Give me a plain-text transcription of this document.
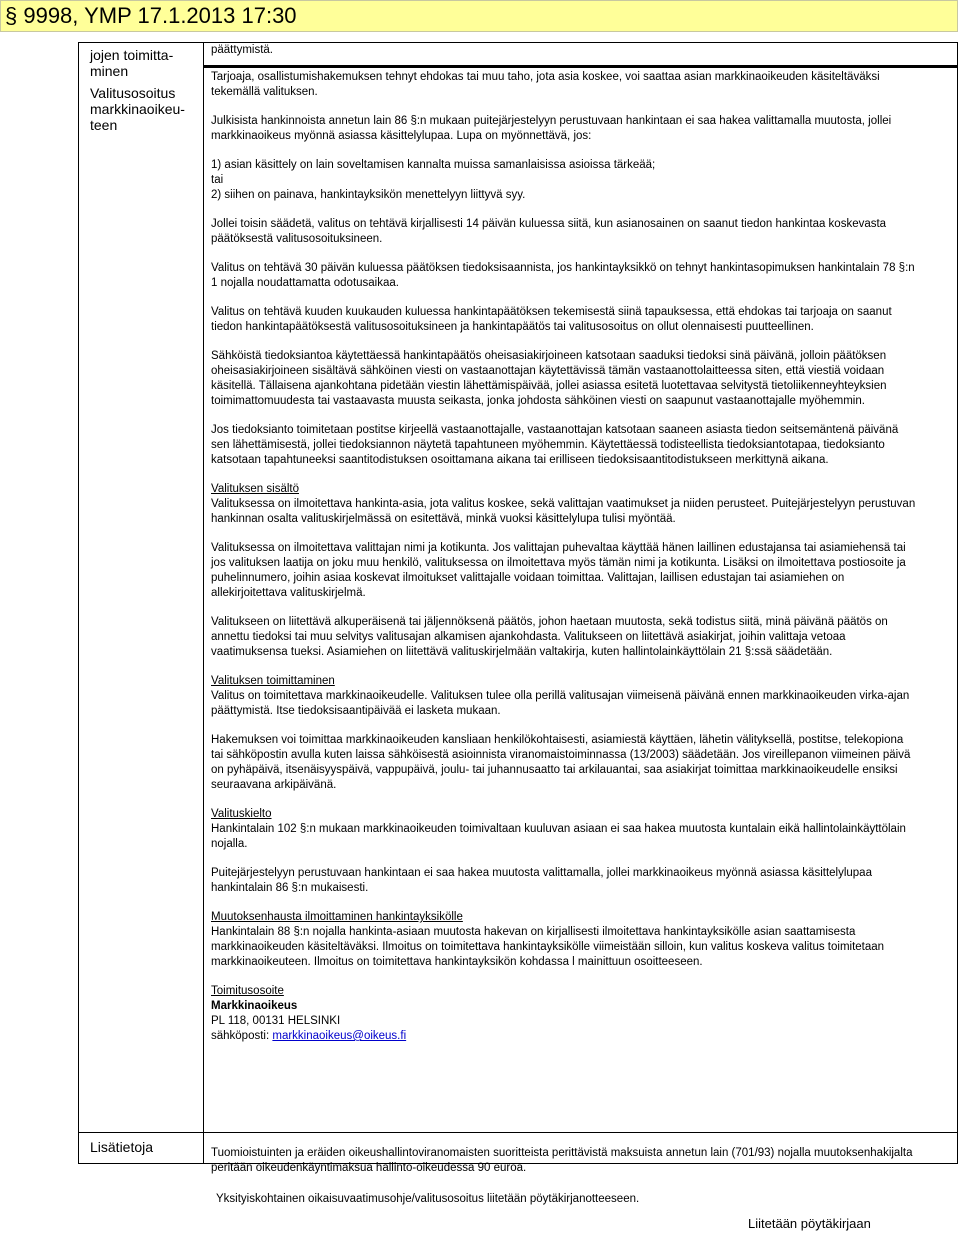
§ 9998, YMP 17.1.2013 17:30
jojen toimitta-minen
Valitusosoitus markkinaoikeu-teen
Lisätietoja

päättymistä.

Tarjoaja, osallistumishakemuksen tehnyt ehdokas tai muu taho, jota asia koskee, voi saattaa asian markkinaoikeuden käsiteltäväksi tekemällä valituksen.

Julkisista hankinnoista annetun lain 86 §:n mukaan puitejärjestelyyn perustuvaan hankintaan ei saa hakea valittamalla muutosta, jollei markkinaoikeus myönnä asiassa käsittelylupaa. Lupa on myönnettävä, jos:

1) asian käsittely on lain soveltamisen kannalta muissa samanlaisissa asioissa tärkeää;

tai

2) siihen on painava, hankintayksikön menettelyyn liittyvä syy.

Jollei toisin säädetä, valitus on tehtävä kirjallisesti 14 päivän kuluessa siitä, kun asianosainen on saanut tiedon hankintaa koskevasta päätöksestä valitusosoituksineen.

Valitus on tehtävä 30 päivän kuluessa päätöksen tiedoksisaannista, jos hankintayksikkö on tehnyt hankintasopimuksen hankintalain 78 §:n 1 nojalla noudattamatta odotusaikaa.

Valitus on tehtävä kuuden kuukauden kuluessa hankintapäätöksen tekemisestä siinä tapauksessa, että ehdokas tai tarjoaja on saanut tiedon hankintapäätöksestä valitusosoituksineen ja hankintapäätös tai valitusosoitus on ollut olennaisesti puutteellinen.

Sähköistä tiedoksiantoa käytettäessä hankintapäätös oheisasiakirjoineen katsotaan saaduksi tiedoksi sinä päivänä, jolloin päätöksen oheisasiakirjoineen sisältävä sähköinen viesti on vastaanottajan käytettävissä tämän vastaanottolaitteessa siten, että viestiä voidaan käsitellä. Tällaisena ajankohtana pidetään viestin lähettämispäivää, jollei asiassa esitetä luotettavaa selvitystä tietoliikenneyhteyksien toimimattomuudesta tai vastaavasta muusta seikasta, jonka johdosta sähköinen viesti on saapunut vastaanottajalle myöhemmin.

Jos tiedoksianto toimitetaan postitse kirjeellä vastaanottajalle, vastaanottajan katsotaan saaneen asiasta tiedon seitsemäntenä päivänä sen lähettämisestä, jollei tiedoksiannon näytetä tapahtuneen myöhemmin. Käytettäessä todisteellista tiedoksiantotapaa, tiedoksianto katsotaan tapahtuneeksi saantitodistuksen osoittamana aikana tai erilliseen tiedoksisaantitodistukseen merkittynä aikana.

Valituksen sisältö

Valituksessa on ilmoitettava hankinta-asia, jota valitus koskee, sekä valittajan vaatimukset ja niiden perusteet. Puitejärjestelyyn perustuvan hankinnan osalta valituskirjelmässä on esitettävä, minkä vuoksi käsittelylupa tulisi myöntää.

Valituksessa on ilmoitettava valittajan nimi ja kotikunta. Jos valittajan puhevaltaa käyttää hänen laillinen edustajansa tai asiamiehensä tai jos valituksen laatija on joku muu henkilö, valituksessa on ilmoitettava myös tämän nimi ja kotikunta. Lisäksi on ilmoitettava postiosoite ja puhelinnumero, joihin asiaa koskevat ilmoitukset valittajalle voidaan toimittaa. Valittajan, laillisen edustajan tai asiamiehen on allekirjoitettava valituskirjelmä.

Valitukseen on liitettävä alkuperäisenä tai jäljennöksenä päätös, johon haetaan muutosta, sekä todistus siitä, minä päivänä päätös on annettu tiedoksi tai muu selvitys valitusajan alkamisen ajankohdasta. Valitukseen on liitettävä asiakirjat, joihin valittaja vetoaa vaatimuksensa tueksi. Asiamiehen on liitettävä valituskirjelmään valtakirja, kuten hallintolainkäyttölain 21 §:ssä säädetään.

Valituksen toimittaminen

Valitus on toimitettava markkinaoikeudelle. Valituksen tulee olla perillä valitusajan viimeisenä päivänä ennen markkinaoikeuden virka-ajan päättymistä. Itse tiedoksisaantipäivää ei lasketa mukaan.

Hakemuksen voi toimittaa markkinaoikeuden kansliaan henkilökohtaisesti, asiamiestä käyttäen, lähetin välityksellä, postitse, telekopiona tai sähköpostin avulla kuten laissa sähköisestä asioinnista viranomaistoiminnassa (13/2003) säädetään. Jos vireillepanon viimeinen päivä on pyhäpäivä, itsenäisyyspäivä, vappupäivä, joulu- tai juhannusaatto tai arkilauantai, saa asiakirjat toimittaa markkinaoikeudelle ensiksi seuraavana arkipäivänä.

Valituskielto

Hankintalain 102 §:n mukaan markkinaoikeuden toimivaltaan kuuluvan asiaan ei saa hakea muutosta kuntalain eikä hallintolainkäyttölain nojalla.

Puitejärjestelyyn perustuvaan hankintaan ei saa hakea muutosta valittamalla, jollei markkinaoikeus myönnä asiassa käsittelylupaa hankintalain 86 §:n mukaisesti.

Muutoksenhausta ilmoittaminen hankintayksikölle

Hankintalain 88 §:n nojalla hankinta-asiaan muutosta hakevan on kirjallisesti ilmoitettava hankintayksikölle asian saattamisesta markkinaoikeuden käsiteltäväksi. Ilmoitus on toimitettava hankintayksikölle viimeistään silloin, kun valitus koskeva valitus toimitetaan markkinaoikeuteen. Ilmoitus on toimitettava hankintayksikön kohdassa l mainittuun osoitteeseen.

Toimitusosoite

Markkinaoikeus

PL 118, 00131 HELSINKI

sähköposti: markkinaoikeus@oikeus.fi

Tuomioistuinten ja eräiden oikeushallintoviranomaisten suoritteista perittävistä maksuista annetun lain (701/93) nojalla muutoksenhakijalta peritään oikeudenkäyntimaksua hallinto-oikeudessa 90 euroa.

Yksityiskohtainen oikaisuvaatimusohje/valitusosoitus liitetään pöytäkirjanotteeseen.
Liitetään pöytäkirjaan
